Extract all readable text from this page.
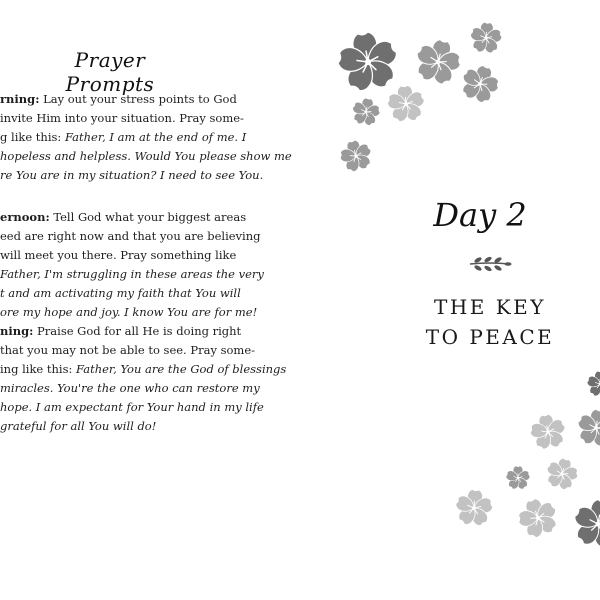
Prayer Prompts

rning: Lay out your stress points to God
invite Him into your situation. Pray some-
g like this: Father, I am at the end of me. I
hopeless and helpless. Would You please show me
re You are in my situation? I need to see You.

ernoon: Tell God what your biggest areas
eed are right now and that you are believing
will meet you there. Pray something like
Father, I'm struggling in these areas the very
t and am activating my faith that You will
ore my hope and joy. I know You are for me!

ning: Praise God for all He is doing right
that you may not be able to see. Pray some-
ing like this: Father, You are the God of blessings
miracles. You're the one who can restore my
hope. I am expectant for Your hand in my life
grateful for all You will do!

Day 2
THE KEY
TO PEACE
